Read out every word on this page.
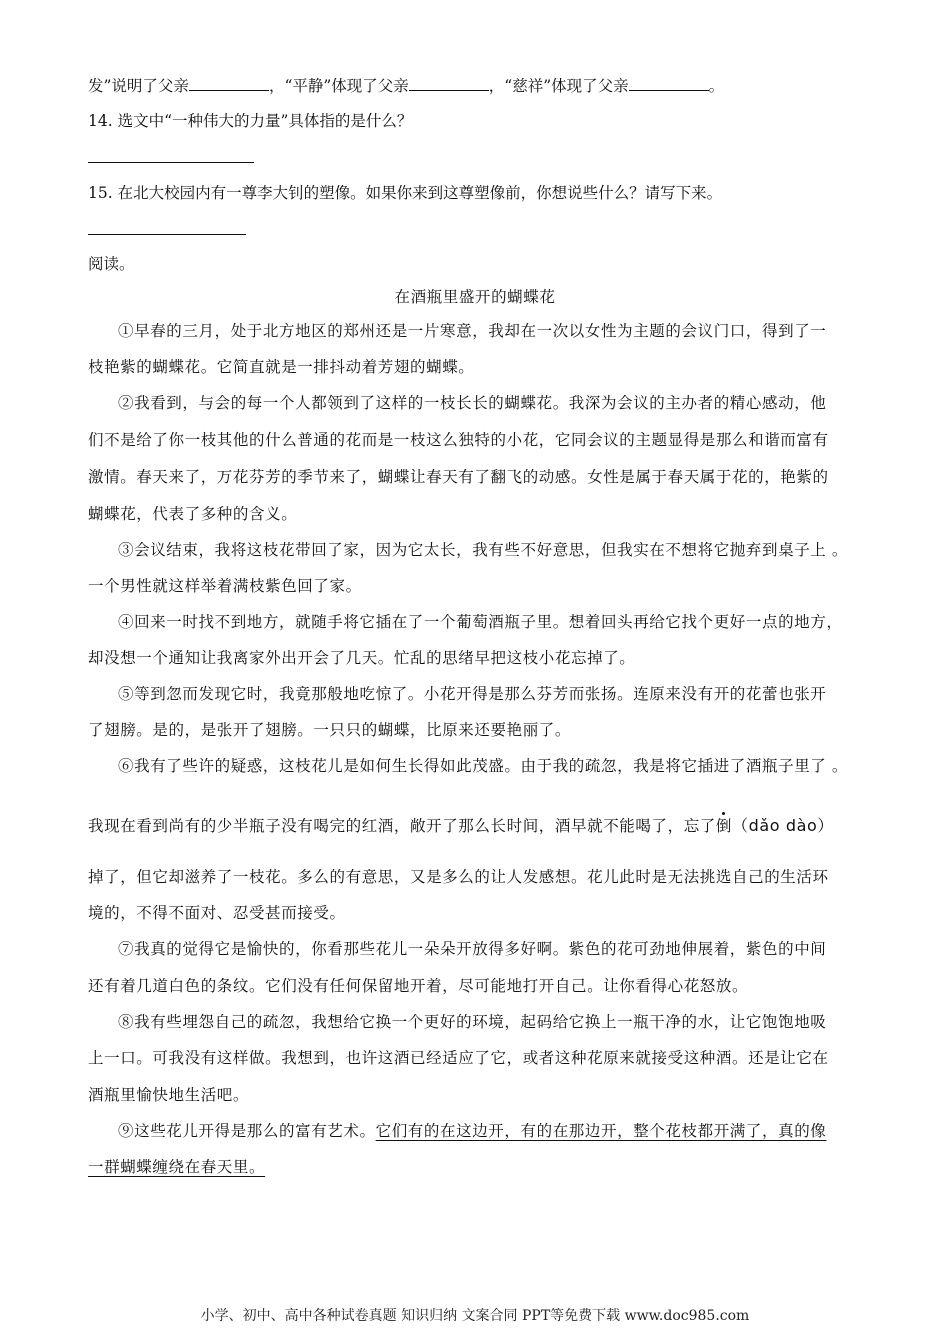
发”说明了父亲	，“平静”体现了父亲	，“慈祥”体现了父亲	。
14. 选文中“一种伟大的力量”具体指的是什么？
15. 在北大校园内有一尊李大钊的塑像。如果你来到这尊塑像前，你想说些什么？请写下来。
阅读。
在酒瓶里盛开的蝴蝶花
①早春的三月，处于北方地区的郑州还是一片寒意，我却在一次以女性为主题的会议门口，得到了一
枝艳紫的蝴蝶花。它简直就是一排抖动着芳翅的蝴蝶。
②我看到，与会的每一个人都领到了这样的一枝长长的蝴蝶花。我深为会议的主办者的精心感动，他
们不是给了你一枝其他的什么普通的花而是一枝这么独特的小花，它同会议的主题显得是那么和谐而富有
激情。春天来了，万花芬芳的季节来了，蝴蝶让春天有了翻飞的动感。女性是属于春天属于花的，艳紫的
蝴蝶花，代表了多种的含义。
③会议结束，我将这枝花带回了家，因为它太长，我有些不好意思，但我实在不想将它抛弃到桌子上 。
一个男性就这样举着满枝紫色回了家。
④回来一时找不到地方，就随手将它插在了一个葡萄酒瓶子里。想着回头再给它找个更好一点的地方，
却没想一个通知让我离家外出开会了几天。忙乱的思绪早把这枝小花忘掉了。
⑤等到忽而发现它时，我竟那般地吃惊了。小花开得是那么芬芳而张扬。连原来没有开的花蕾也张开
了翅膀。是的，是张开了翅膀。一只只的蝴蝶，比原来还要艳丽了。
⑥我有了些许的疑惑，这枝花儿是如何生长得如此茂盛。由于我的疏忽，我是将它插进了酒瓶子里了 。
我现在看到尚有的少半瓶子没有喝完的红酒，敞开了那么长时间，酒早就不能喝了，忘了倒（dǎo dào）
掉了，但它却滋养了一枝花。多么的有意思，又是多么的让人发感想。花儿此时是无法挑选自己的生活环
境的，不得不面对、忍受甚而接受。
⑦我真的觉得它是愉快的，你看那些花儿一朵朵开放得多好啊。紫色的花可劲地伸展着，紫色的中间
还有着几道白色的条纹。它们没有任何保留地开着，尽可能地打开自己。让你看得心花怒放。
⑧我有些埋怨自己的疏忽，我想给它换一个更好的环境，起码给它换上一瓶干净的水，让它饱饱地吸
上一口。可我没有这样做。我想到，也许这酒已经适应了它，或者这种花原来就接受这种酒。还是让它在
酒瓶里愉快地生活吧。
⑨这些花儿开得是那么的富有艺术。它们有的在这边开，有的在那边开，整个花枝都开满了，真的像
一群蝴蝶缠绕在春天里。
小学、初中、高中各种试卷真题 知识归纳 文案合同 PPT等免费下载 www.doc985.com
